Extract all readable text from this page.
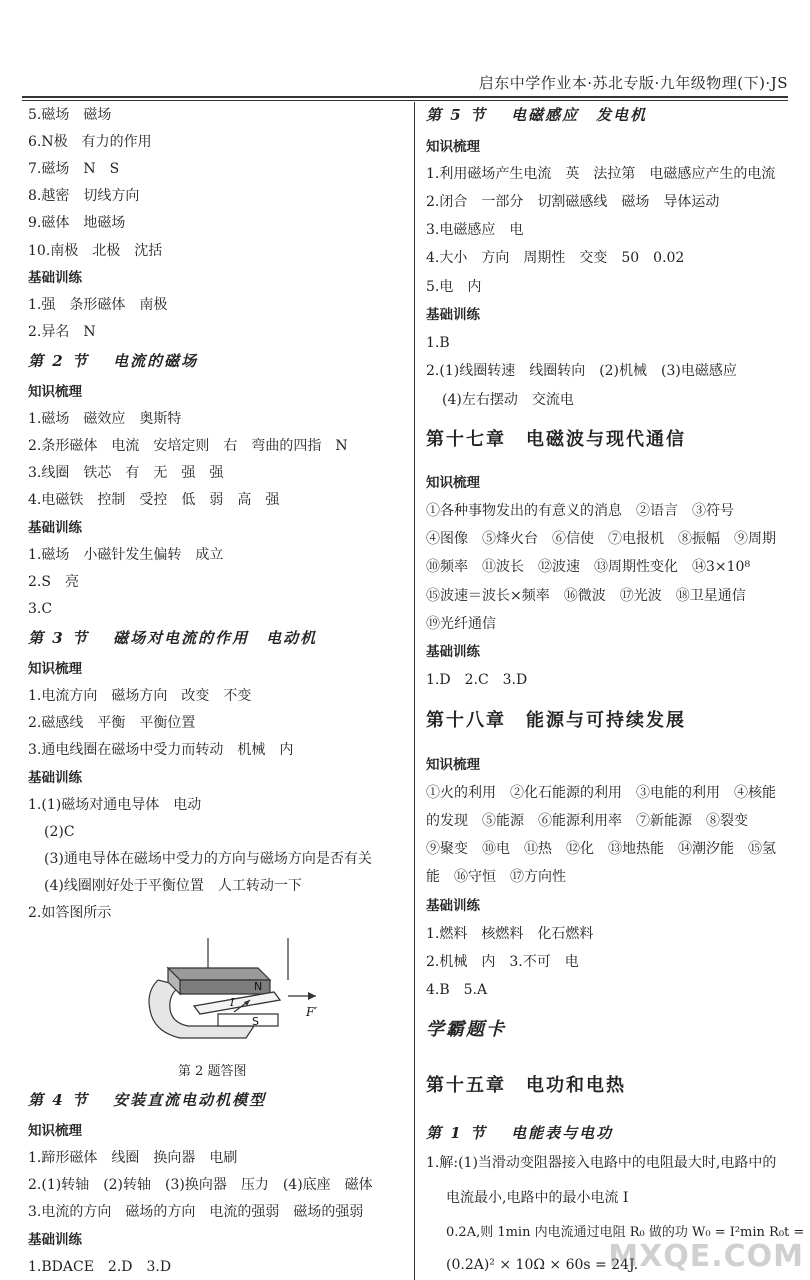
启东中学作业本·苏北专版·九年级物理(下)·JS
5.磁场　磁场
6.N极　有力的作用
7.磁场　N　S
8.越密　切线方向
9.磁体　地磁场
10.南极　北极　沈括
基础训练
1.强　条形磁体　南极
2.异名　N
第 2 节　 电流的磁场
知识梳理
1.磁场　磁效应　奥斯特
2.条形磁体　电流　安培定则　右　弯曲的四指　N
3.线圈　铁芯　有　无　强　强
4.电磁铁　控制　受控　低　弱　高　强
基础训练
1.磁场　小磁针发生偏转　成立
2.S　亮
3.C
第 3 节　 磁场对电流的作用　电动机
知识梳理
1.电流方向　磁场方向　改变　不变
2.磁感线　平衡　平衡位置
3.通电线圈在磁场中受力而转动　机械　内
基础训练
1.(1)磁场对通电导体　电动
(2)C
(3)通电导体在磁场中受力的方向与磁场方向是否有关
(4)线圈刚好处于平衡位置　人工转动一下
2.如答图所示
N
S
I
F′
第 2 题答图
第 4 节　 安装直流电动机模型
知识梳理
1.蹄形磁体　线圈　换向器　电刷
2.(1)转轴　(2)转轴　(3)换向器　压力　(4)底座　磁体
3.电流的方向　磁场的方向　电流的强弱　磁场的强弱
基础训练
1.BDACE　2.D　3.D
第 5 节　 电磁感应　发电机
知识梳理
1.利用磁场产生电流　英　法拉第　电磁感应产生的电流
2.闭合　一部分　切割磁感线　磁场　导体运动
3.电磁感应　电
4.大小　方向　周期性　交变　50　0.02
5.电　内
基础训练
1.B
2.(1)线圈转速　线圈转向　(2)机械　(3)电磁感应
(4)左右摆动　交流电
第十七章　电磁波与现代通信
知识梳理
①各种事物发出的有意义的消息　②语言　③符号
④图像　⑤烽火台　⑥信使　⑦电报机　⑧振幅　⑨周期
⑩频率　⑪波长　⑫波速　⑬周期性变化　⑭3×10⁸
⑮波速＝波长×频率　⑯微波　⑰光波　⑱卫星通信
⑲光纤通信
基础训练
1.D　2.C　3.D
第十八章　能源与可持续发展
知识梳理
①火的利用　②化石能源的利用　③电能的利用　④核能
的发现　⑤能源　⑥能源利用率　⑦新能源　⑧裂变
⑨聚变　⑩电　⑪热　⑫化　⑬地热能　⑭潮汐能　⑮氢
能　⑯守恒　⑰方向性
基础训练
1.燃料　核燃料　化石燃料
2.机械　内　3.不可　电
4.B　5.A
学霸题卡
第十五章　电功和电热
第 1 节　 电能表与电功
1.解:(1)当滑动变阻器接入电路中的电阻最大时,电路中的
电流最小,电路中的最小电流 I
0.2A,则 1min 内电流通过电阻 R₀ 做的功 W₀ = I²min R₀t =
(0.2A)² × 10Ω × 60s = 24J.
MXQE.COM
